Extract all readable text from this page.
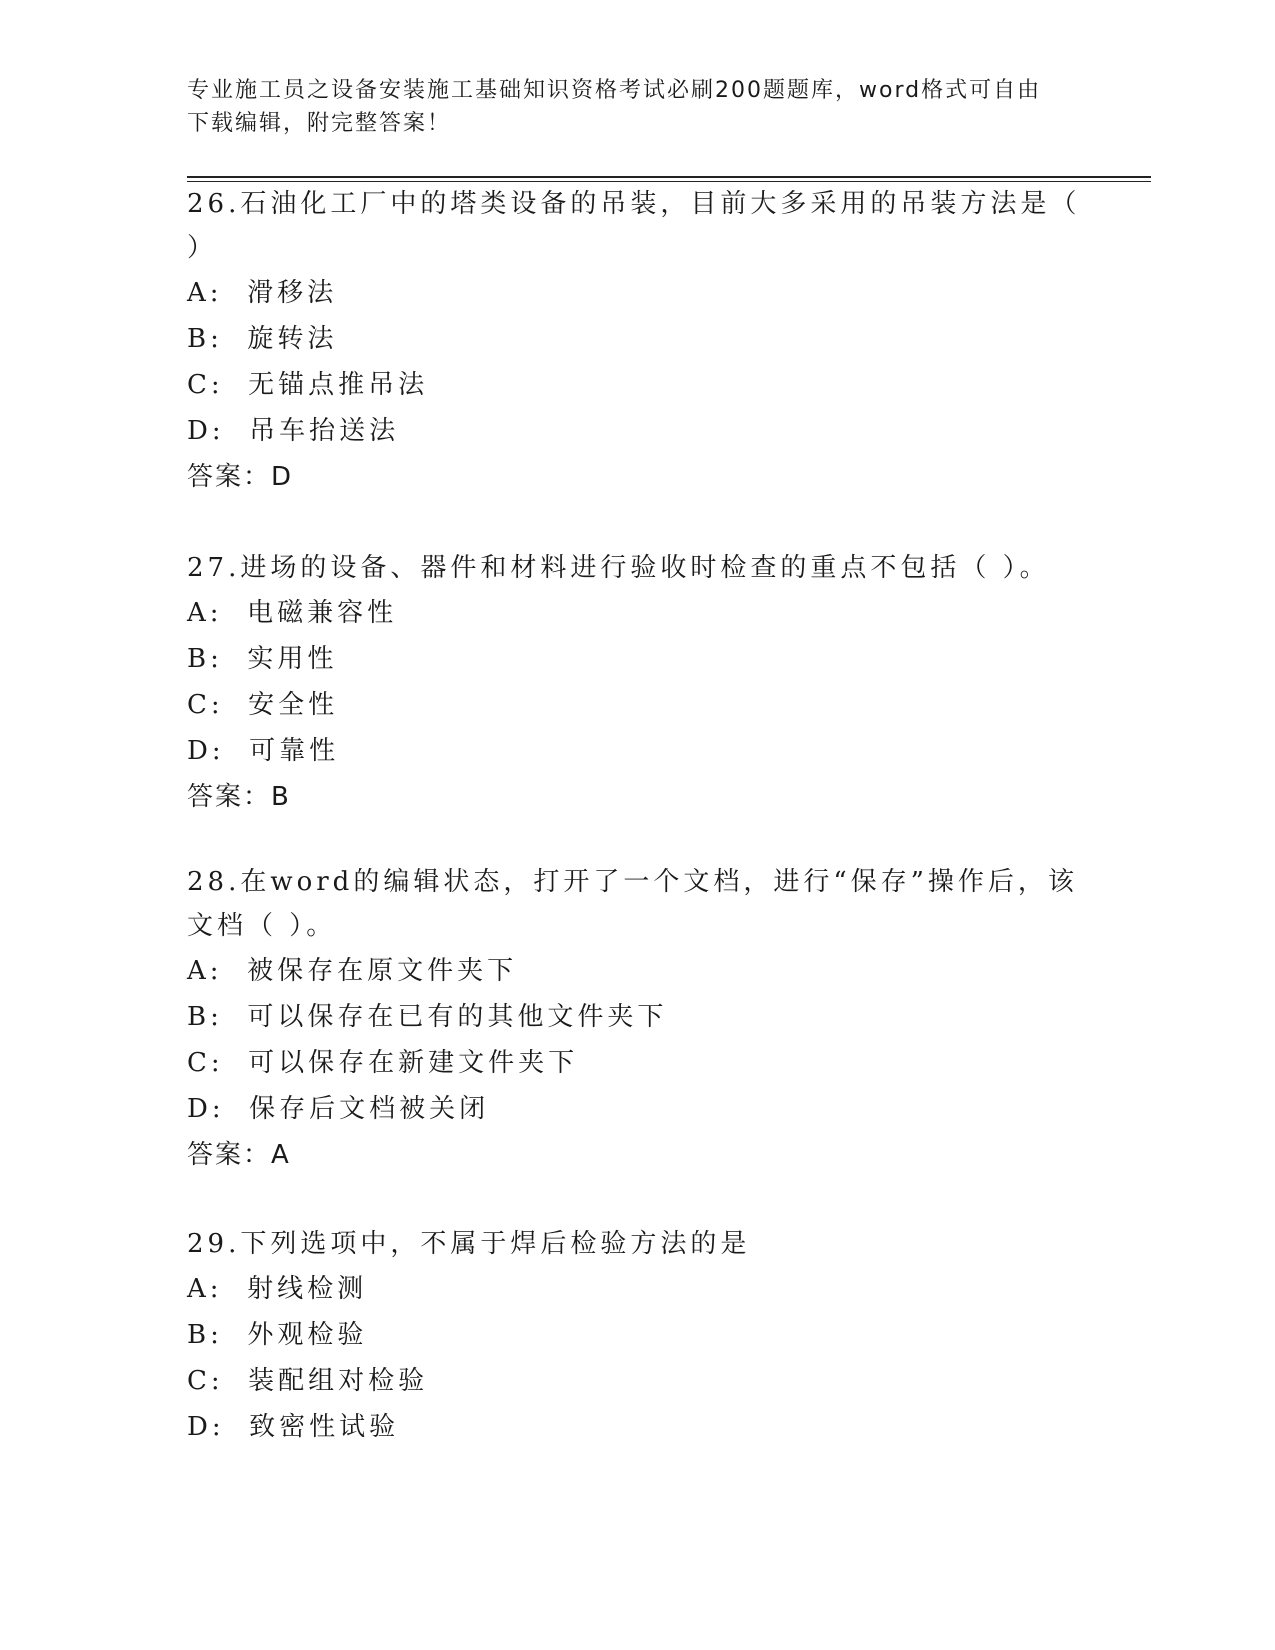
专业施工员之设备安装施工基础知识资格考试必刷200题题库，word格式可自由
下载编辑，附完整答案！

26.石油化工厂中的塔类设备的吊装，目前大多采用的吊装方法是（ ）

A:  滑移法

B:  旋转法

C:  无锚点推吊法

D:  吊车抬送法

答案：D

27.进场的设备、器件和材料进行验收时检查的重点不包括（ ）。

A:  电磁兼容性

B:  实用性

C:  安全性

D:  可靠性

答案：B

28.在word的编辑状态，打开了一个文档，进行“保存”操作后，该文档（ ）。

A:  被保存在原文件夹下

B:  可以保存在已有的其他文件夹下

C:  可以保存在新建文件夹下

D:  保存后文档被关闭

答案：A

29.下列选项中，不属于焊后检验方法的是

A:  射线检测

B:  外观检验

C:  装配组对检验

D:  致密性试验
